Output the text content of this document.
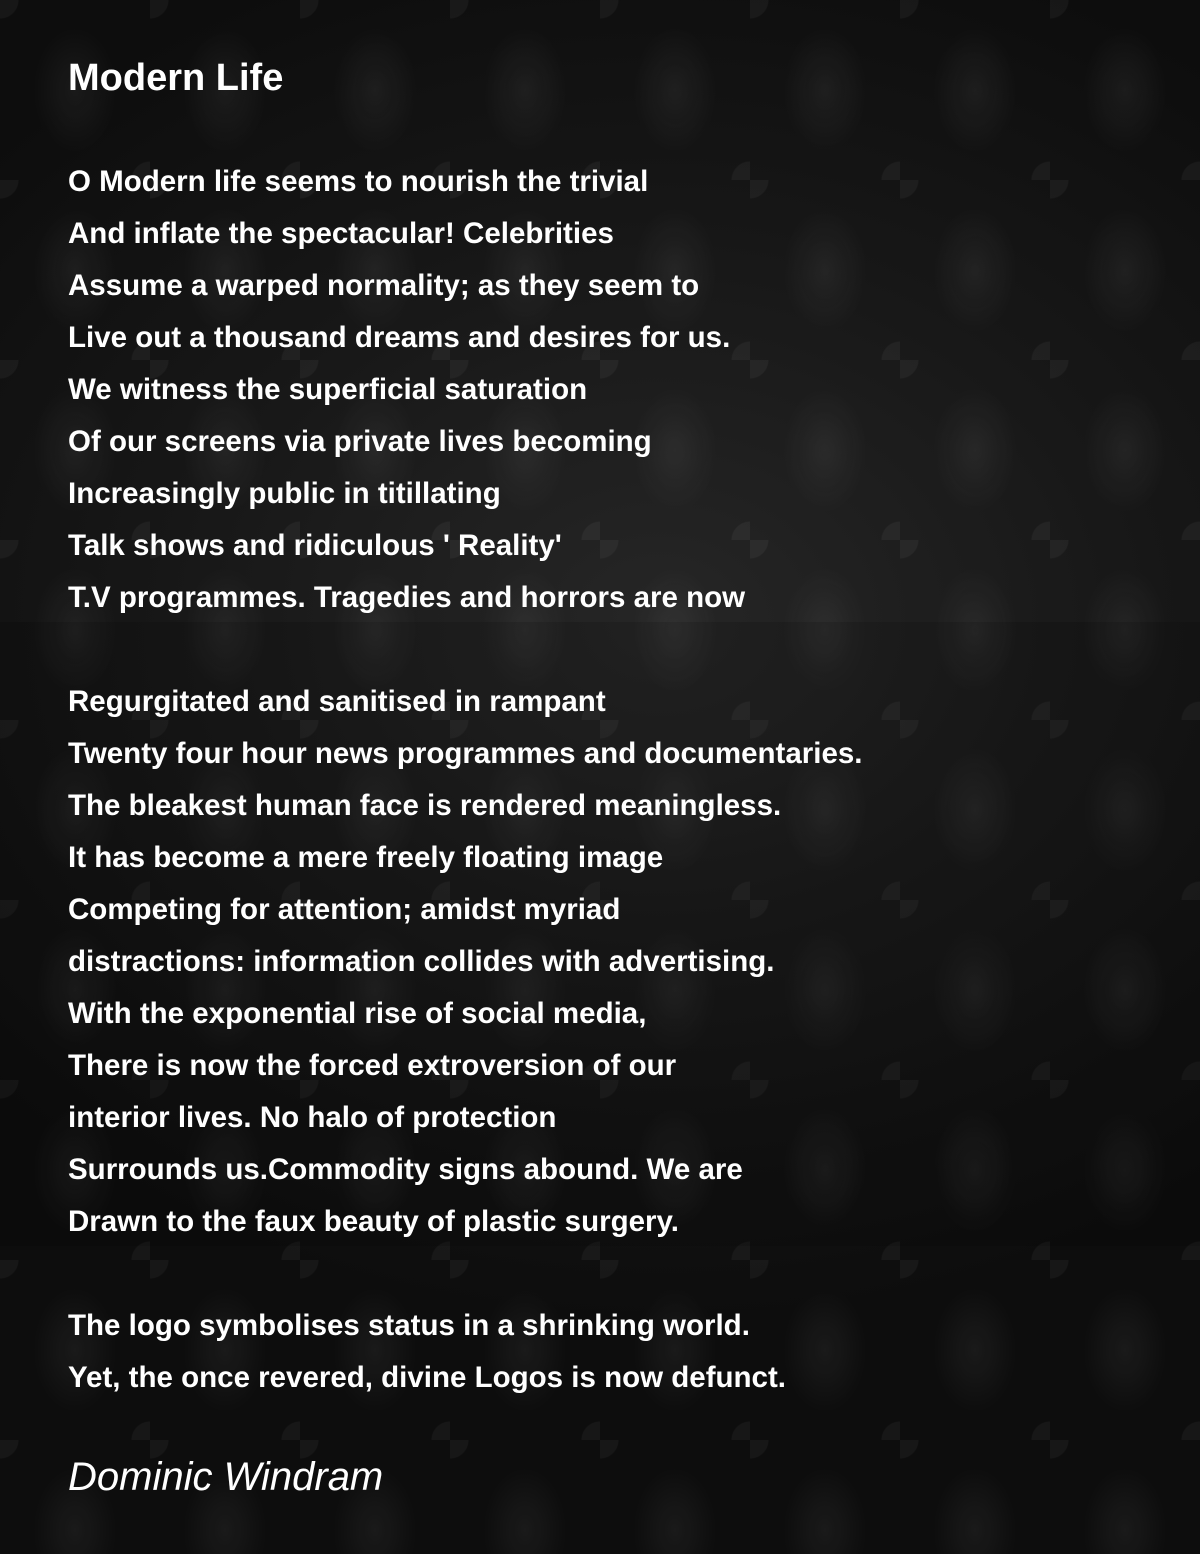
Modern Life
O Modern life seems to nourish the trivial
And inflate the spectacular! Celebrities
Assume a warped normality; as they seem to
Live out a thousand dreams and desires for us.
We witness the superficial saturation
Of our screens via private lives becoming
Increasingly public in titillating
Talk shows and ridiculous ' Reality'
T.V programmes. Tragedies and horrors are now
Regurgitated and sanitised in rampant
Twenty four hour news programmes and documentaries.
The bleakest human face is rendered meaningless.
It has become a mere freely floating image
Competing for attention; amidst myriad
distractions: information collides with advertising.
With the exponential rise of social media,
There is now the forced extroversion of our
interior lives. No halo of protection
Surrounds us.Commodity signs abound. We are
Drawn to the faux beauty of plastic surgery.
The logo symbolises status in a shrinking world.
Yet, the once revered, divine Logos is now defunct.
Dominic Windram
